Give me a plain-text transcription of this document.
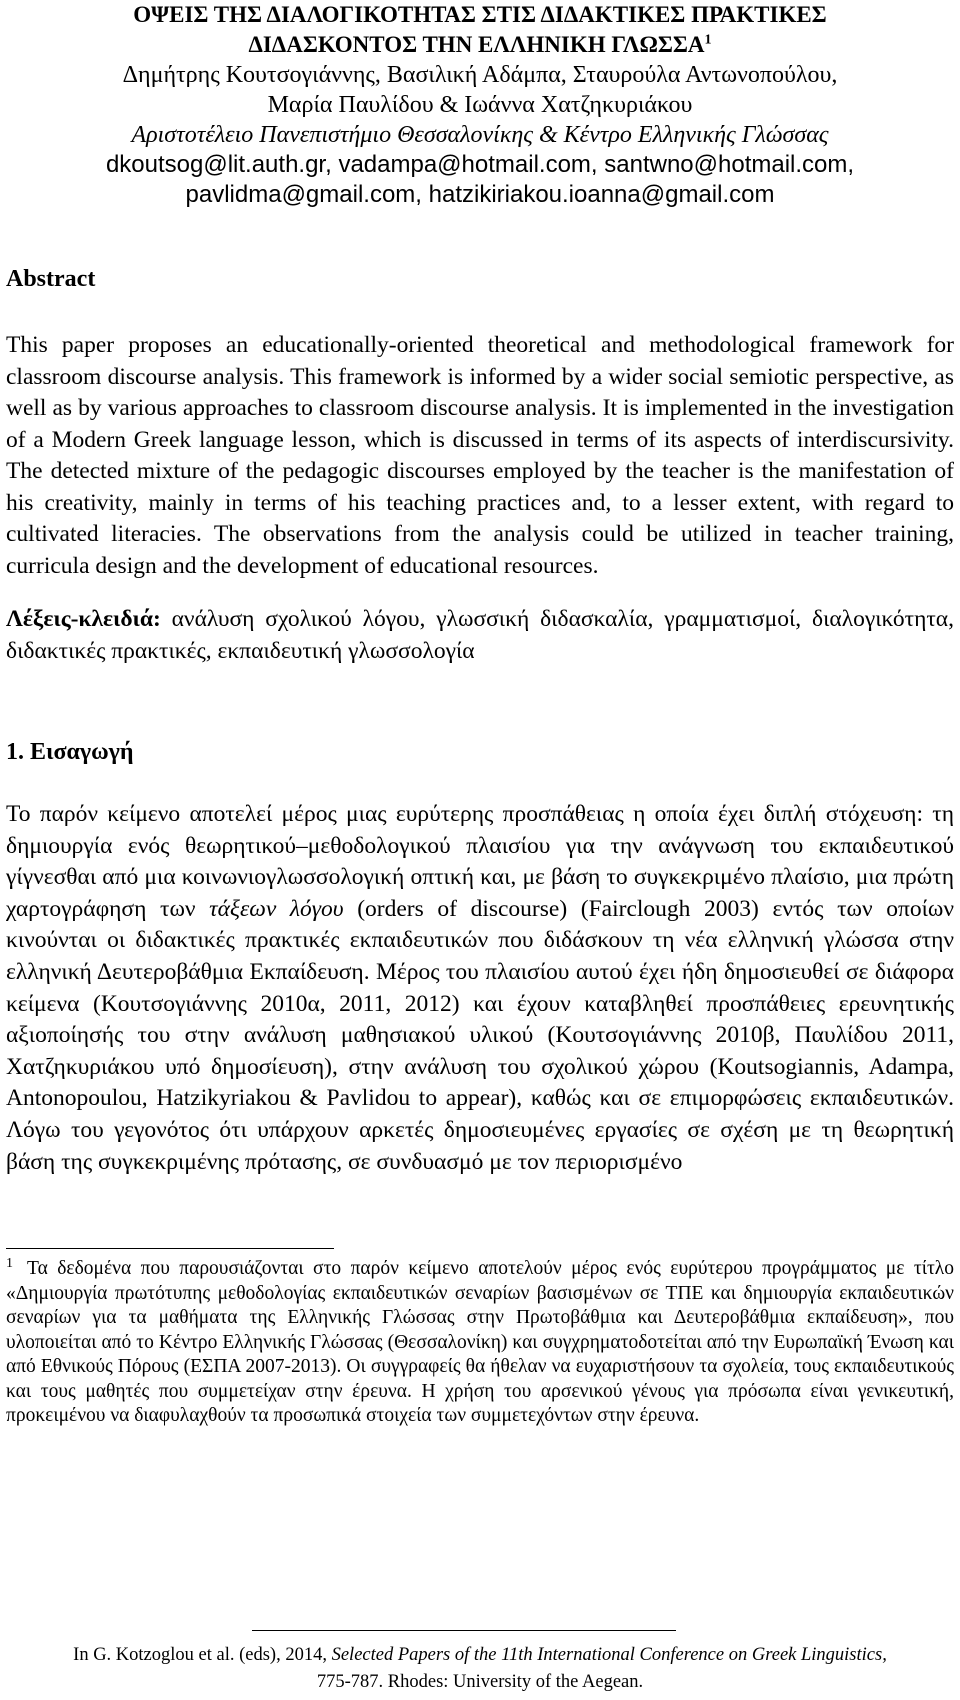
ΟΨΕΙΣ ΤΗΣ ΔΙΑΛΟΓΙΚΟΤΗΤΑΣ ΣΤΙΣ ΔΙΔΑΚΤΙΚΕΣ ΠΡΑΚΤΙΚΕΣ
ΔΙΔΑΣΚΟΝΤΟΣ ΤΗΝ ΕΛΛΗΝΙΚΗ ΓΛΩΣΣΑ$^1$
Δημήτρης Κουτσογιάννης, Βασιλική Αδάμπα, Σταυρούλα Αντωνοπούλου,
Μαρία Παυλίδου & Ιωάννα Χατζηκυριάκου
Αριστοτέλειο Πανεπιστήμιο Θεσσαλονίκης & Κέντρο Ελληνικής Γλώσσας
dkoutsog@lit.auth.gr, vadampa@hotmail.com, santwno@hotmail.com,
pavlidma@gmail.com, hatzikiriakou.ioanna@gmail.com
Abstract
This paper proposes an educationally-oriented theoretical and methodological framework for classroom discourse analysis. This framework is informed by a wider social semiotic perspective, as well as by various approaches to classroom discourse analysis. It is implemented in the investigation of a Modern Greek language lesson, which is discussed in terms of its aspects of interdiscursivity. The detected mixture of the pedagogic discourses employed by the teacher is the manifestation of his creativity, mainly in terms of his teaching practices and, to a lesser extent, with regard to cultivated literacies. The observations from the analysis could be utilized in teacher training, curricula design and the development of educational resources.
Λέξεις-κλειδιά: ανάλυση σχολικού λόγου, γλωσσική διδασκαλία, γραμματισμοί, διαλογικότητα, διδακτικές πρακτικές, εκπαιδευτική γλωσσολογία
1. Εισαγωγή
Το παρόν κείμενο αποτελεί μέρος μιας ευρύτερης προσπάθειας η οποία έχει διπλή στόχευση: τη δημιουργία ενός θεωρητικού–μεθοδολογικού πλαισίου για την ανάγνωση του εκπαιδευτικού γίγνεσθαι από μια κοινωνιογλωσσολογική οπτική και, με βάση το συγκεκριμένο πλαίσιο, μια πρώτη χαρτογράφηση των τάξεων λόγου (orders of discourse) (Fairclough 2003) εντός των οποίων κινούνται οι διδακτικές πρακτικές εκπαιδευτικών που διδάσκουν τη νέα ελληνική γλώσσα στην ελληνική Δευτεροβάθμια Εκπαίδευση. Μέρος του πλαισίου αυτού έχει ήδη δημοσιευθεί σε διάφορα κείμενα (Κουτσογιάννης 2010α, 2011, 2012) και έχουν καταβληθεί προσπάθειες ερευνητικής αξιοποίησής του στην ανάλυση μαθησιακού υλικού (Κουτσογιάννης 2010β, Παυλίδου 2011, Χατζηκυριάκου υπό δημοσίευση), στην ανάλυση του σχολικού χώρου (Koutsogiannis, Adampa, Antonopoulou, Hatzikyriakou & Pavlidou to appear), καθώς και σε επιμορφώσεις εκπαιδευτικών. Λόγω του γεγονότος ότι υπάρχουν αρκετές δημοσιευμένες εργασίες σε σχέση με τη θεωρητική βάση της συγκεκριμένης πρότασης, σε συνδυασμό με τον περιορισμένο
$^1$ Τα δεδομένα που παρουσιάζονται στο παρόν κείμενο αποτελούν μέρος ενός ευρύτερου προγράμματος με τίτλο «Δημιουργία πρωτότυπης μεθοδολογίας εκπαιδευτικών σεναρίων βασισμένων σε ΤΠΕ και δημιουργία εκπαιδευτικών σεναρίων για τα μαθήματα της Ελληνικής Γλώσσας στην Πρωτοβάθμια και Δευτεροβάθμια εκπαίδευση», που υλοποιείται από το Κέντρο Ελληνικής Γλώσσας (Θεσσαλονίκη) και συγχρηματοδοτείται από την Ευρωπαϊκή Ένωση και από Εθνικούς Πόρους (ΕΣΠΑ 2007-2013). Οι συγγραφείς θα ήθελαν να ευχαριστήσουν τα σχολεία, τους εκπαιδευτικούς και τους μαθητές που συμμετείχαν στην έρευνα. Η χρήση του αρσενικού γένους για πρόσωπα είναι γενικευτική, προκειμένου να διαφυλαχθούν τα προσωπικά στοιχεία των συμμετεχόντων στην έρευνα.
In G. Kotzoglou et al. (eds), 2014, Selected Papers of the 11th International Conference on Greek Linguistics,
775-787. Rhodes: University of the Aegean.
